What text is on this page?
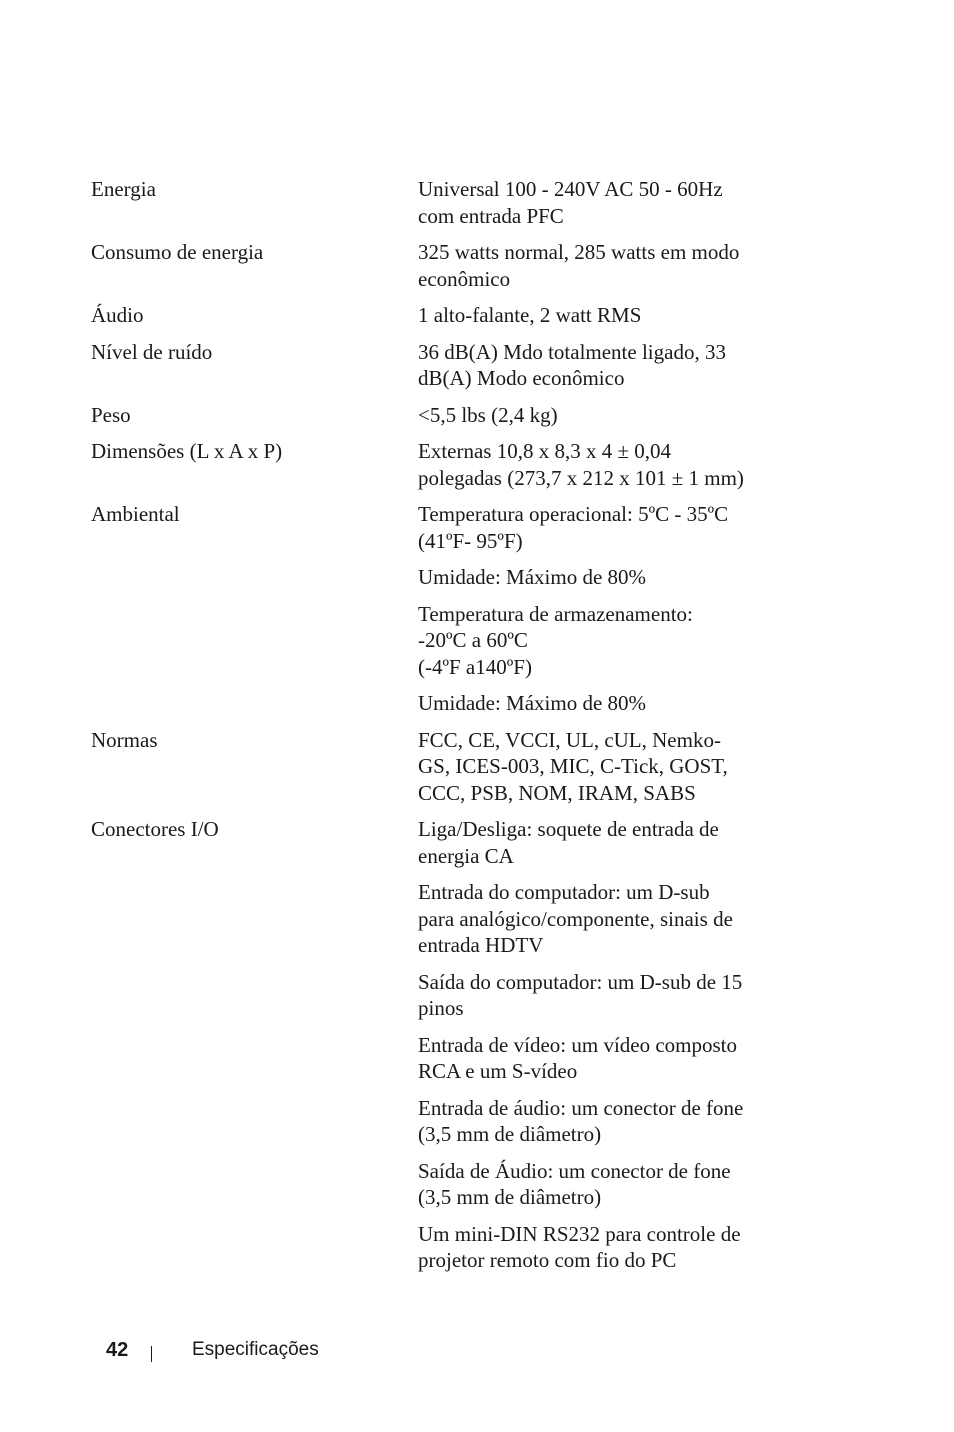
Energia	Universal 100 - 240V AC 50 - 60Hz
com entrada PFC
Consumo de energia	325 watts normal, 285 watts em modo
econômico
Áudio	1 alto-falante, 2 watt RMS
Nível de ruído	36 dB(A) Mdo totalmente ligado, 33
dB(A) Modo econômico
Peso	<5,5 lbs (2,4 kg)
Dimensões (L x A x P)	Externas 10,8 x 8,3 x 4 ± 0,04
polegadas (273,7 x 212 x 101 ± 1 mm)
Ambiental	Temperatura operacional: 5ºC - 35ºC
(41ºF- 95ºF)
Umidade: Máximo de 80%
Temperatura de armazenamento:
-20ºC a 60ºC
(-4ºF a140ºF)
Umidade: Máximo de 80%
Normas	FCC, CE, VCCI, UL, cUL, Nemko-
GS, ICES-003, MIC, C-Tick, GOST,
CCC, PSB, NOM, IRAM, SABS
Conectores I/O	Liga/Desliga: soquete de entrada de
energia CA
Entrada do computador: um D-sub
para analógico/componente, sinais de
entrada HDTV
Saída do computador: um D-sub de 15
pinos
Entrada de vídeo: um vídeo composto
RCA e um S-vídeo
Entrada de áudio: um conector de fone
(3,5 mm de diâmetro)
Saída de Áudio: um conector de fone
(3,5 mm de diâmetro)
Um mini-DIN RS232 para controle de
projetor remoto com fio do PC
42	Especificações
